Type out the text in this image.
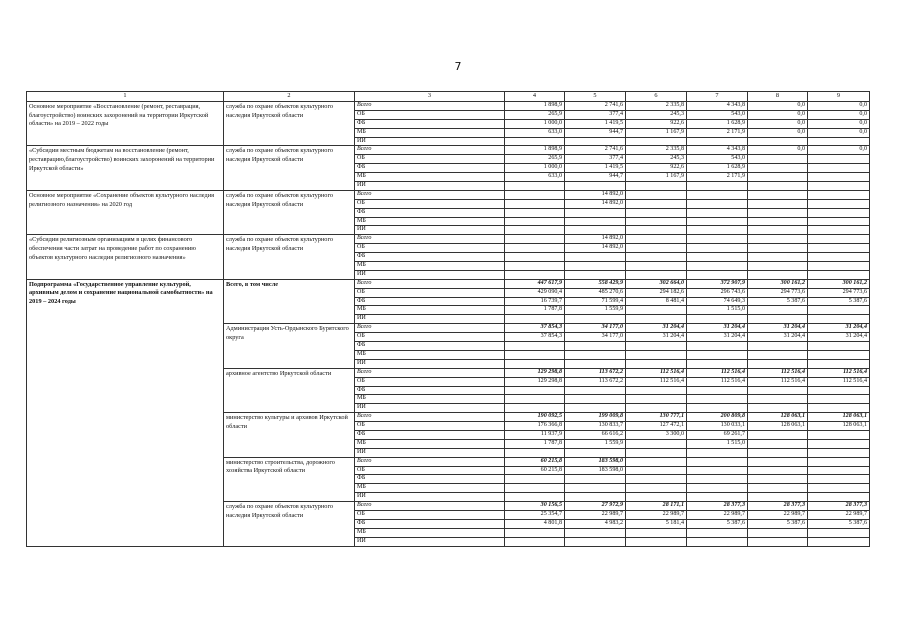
7
1	2	3	4	5	6	7	8	9
Основное мероприятие «Восстановление (ремонт, реставрация, благоустройство) воинских захоронений на территории Иркутской области» на 2019 – 2022 годы	служба по охране объектов культурного наследия Иркутской области	Всего	1 898,9	2 741,6	2 335,8	4 343,8	0,0	0,0
		ОБ	265,9	377,4	245,3	543,0	0,0	0,0
		ФБ	1 000,0	1 419,5	922,6	1 628,9	0,0	0,0
		МБ	633,0	944,7	1 167,9	2 171,9	0,0	0,0
		ИИ						
«Субсидии местным бюджетам на восстановление (ремонт, реставрацию,благоустройство) воинских захоронений на территории Иркутской области»	служба по охране объектов культурного наследия Иркутской области	Всего	1 898,9	2 741,6	2 335,8	4 343,8	0,0	0,0
		ОБ	265,9	377,4	245,3	543,0		
		ФБ	1 000,0	1 419,5	922,6	1 628,9		
		МБ	633,0	944,7	1 167,9	2 171,9		
		ИИ						
Основное мероприятие «Сохранение объектов культурного наследия религиозного назначения» на 2020 год	служба по охране объектов культурного наследия Иркутской области	Всего		14 892,0				
		ОБ		14 892,0				
		ФБ						
		МБ						
		ИИ						
«Субсидии религиозным организациям в целях финансового обеспечения части затрат на проведение работ по сохранению объектов культурного наследия религиозного назначения»	служба по охране объектов культурного наследия Иркутской области	Всего		14 892,0				
		ОБ		14 892,0				
		ФБ						
		МБ						
		ИИ						
Подпрограмма «Государственное управление культурой, архивным делом и сохранение национальной самобытности» на 2019 – 2024 годы	Всего, в том числе	Всего	447 617,9	558 429,9	302 664,0	372 907,9	300 161,2	300 161,2
		ОБ	429 090,4	485 270,6	294 182,6	296 743,6	294 773,6	294 773,6
		ФБ	16 739,7	71 599,4	8 481,4	74 649,3	5 387,6	5 387,6
		МБ	1 787,8	1 559,9		1 515,0		
		ИИ						
	Администрация Усть-Ордынского Бурятского округа	Всего	37 854,3	34 177,0	31 204,4	31 204,4	31 204,4	31 204,4
		ОБ	37 854,3	34 177,0	31 204,4	31 204,4	31 204,4	31 204,4
		ФБ						
		МБ						
		ИИ						
	архивное агентство Иркутской области	Всего	129 298,8	113 672,2	112 516,4	112 516,4	112 516,4	112 516,4
		ОБ	129 298,8	113 672,2	112 516,4	112 516,4	112 516,4	112 516,4
		ФБ						
		МБ						
		ИИ						
	министерство культуры и архивов Иркутской области	Всего	190 092,5	199 009,8	130 777,1	200 809,8	128 063,1	128 063,1
		ОБ	176 366,8	130 833,7	127 472,1	130 033,1	128 063,1	128 063,1
		ФБ	11 937,9	66 616,2	3 300,0	69 261,7		
		МБ	1 787,8	1 559,9		1 515,0		
		ИИ						
	министерство строительства, дорожного хозяйства Иркутской области	Всего	60 215,8	183 598,0				
		ОБ	60 215,8	183 598,0				
		ФБ						
		МБ						
		ИИ						
	служба по охране объектов культурного наследия Иркутской области	Всего	30 156,5	27 972,9	28 171,1	28 377,3	28 377,3	28 377,3
		ОБ	25 354,7	22 989,7	22 989,7	22 989,7	22 989,7	22 989,7
		ФБ	4 801,8	4 983,2	5 181,4	5 387,6	5 387,6	5 387,6
		МБ						
		ИИ						
